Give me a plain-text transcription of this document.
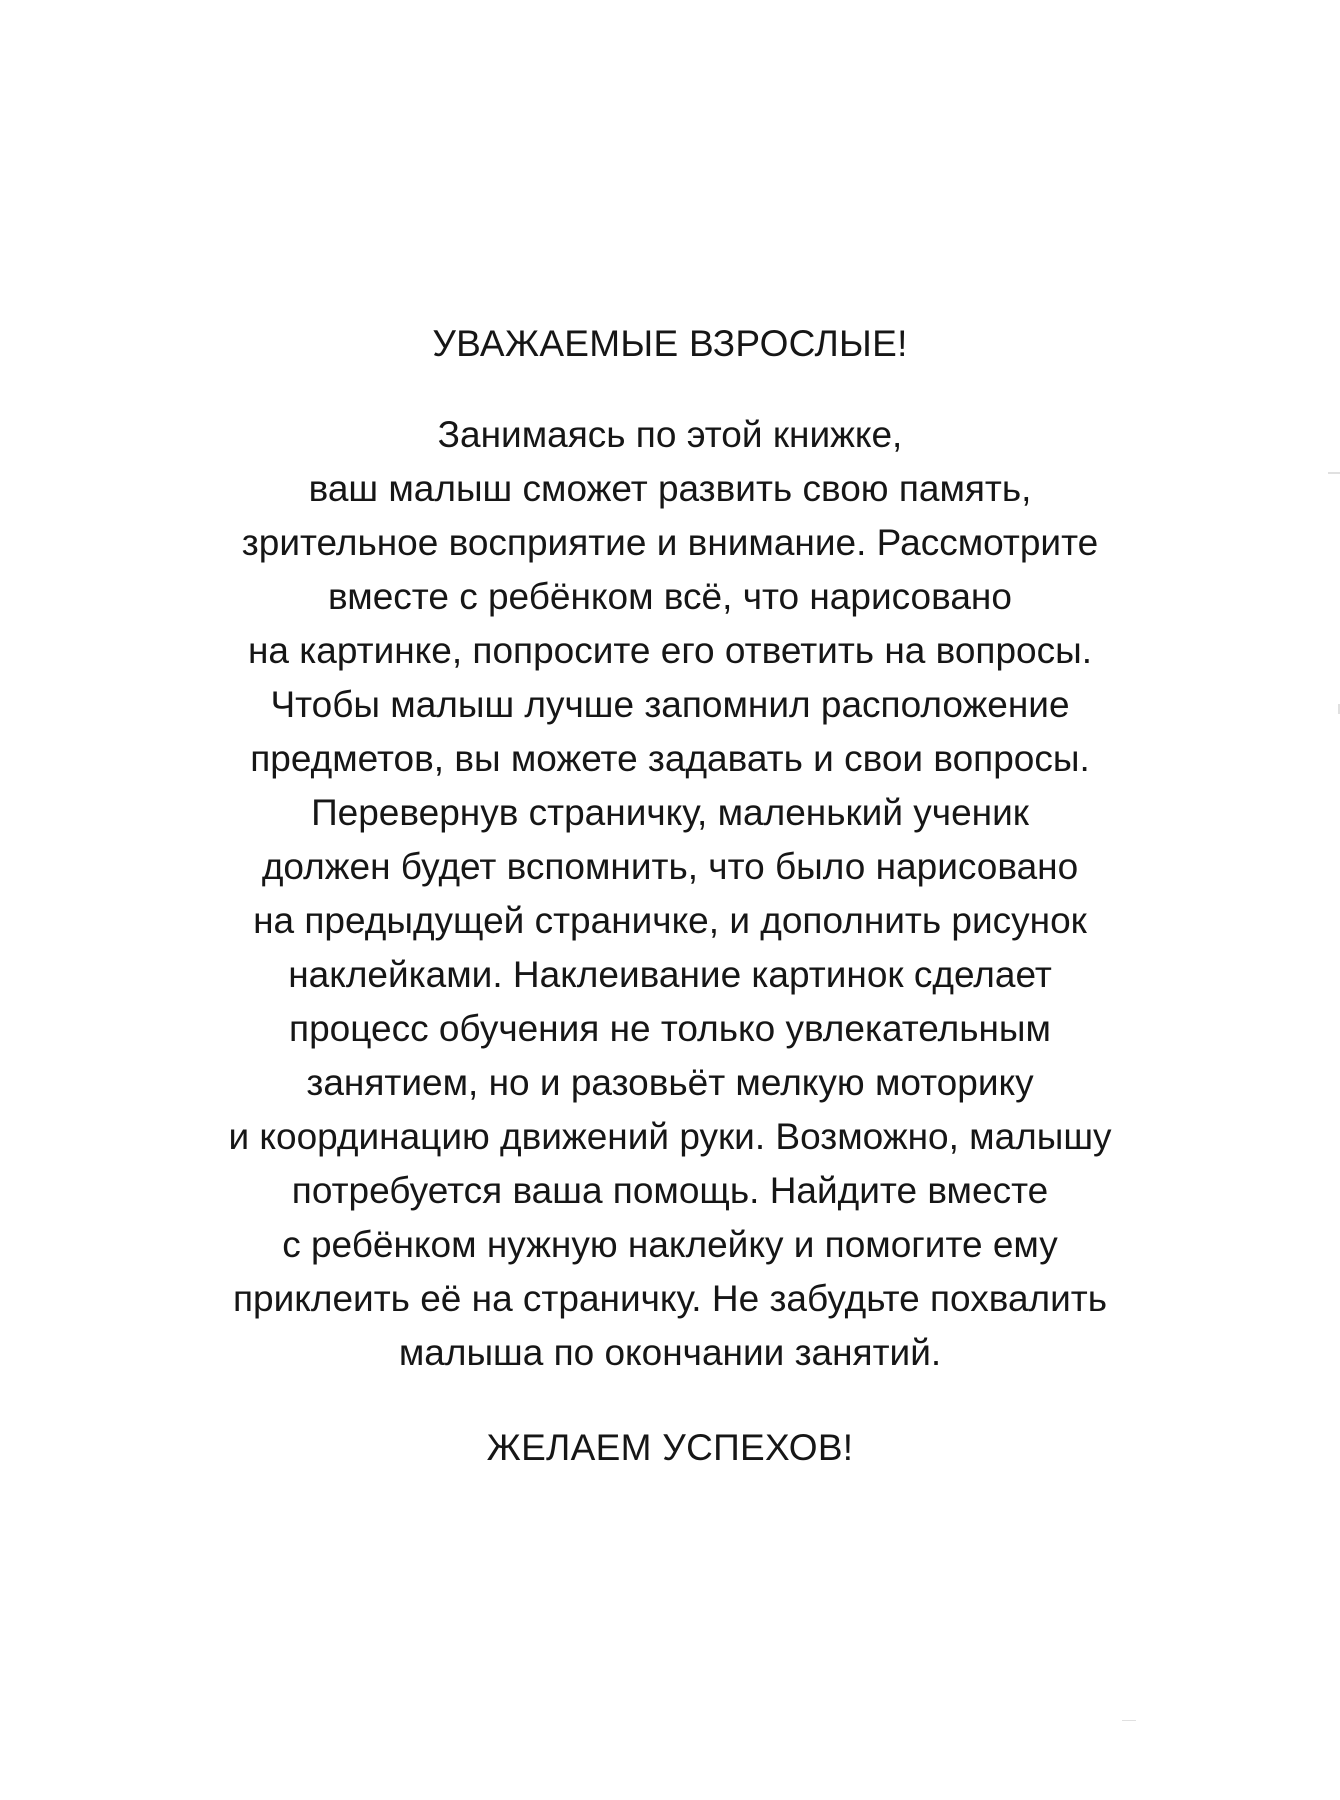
УВАЖАЕМЫЕ ВЗРОСЛЫЕ!
Занимаясь по этой книжке,
ваш малыш сможет развить свою память,
зрительное восприятие и внимание. Рассмотрите
вместе с ребёнком всё, что нарисовано
на картинке, попросите его ответить на вопросы.
Чтобы малыш лучше запомнил расположение
предметов, вы можете задавать и свои вопросы.
Перевернув страничку, маленький ученик
должен будет вспомнить, что было нарисовано
на предыдущей страничке, и дополнить рисунок
наклейками. Наклеивание картинок сделает
процесс обучения не только увлекательным
занятием, но и разовьёт мелкую моторику
и координацию движений руки. Возможно, малышу
потребуется ваша помощь. Найдите вместе
с ребёнком нужную наклейку и помогите ему
приклеить её на страничку. Не забудьте похвалить
малыша по окончании занятий.
ЖЕЛАЕМ УСПЕХОВ!
